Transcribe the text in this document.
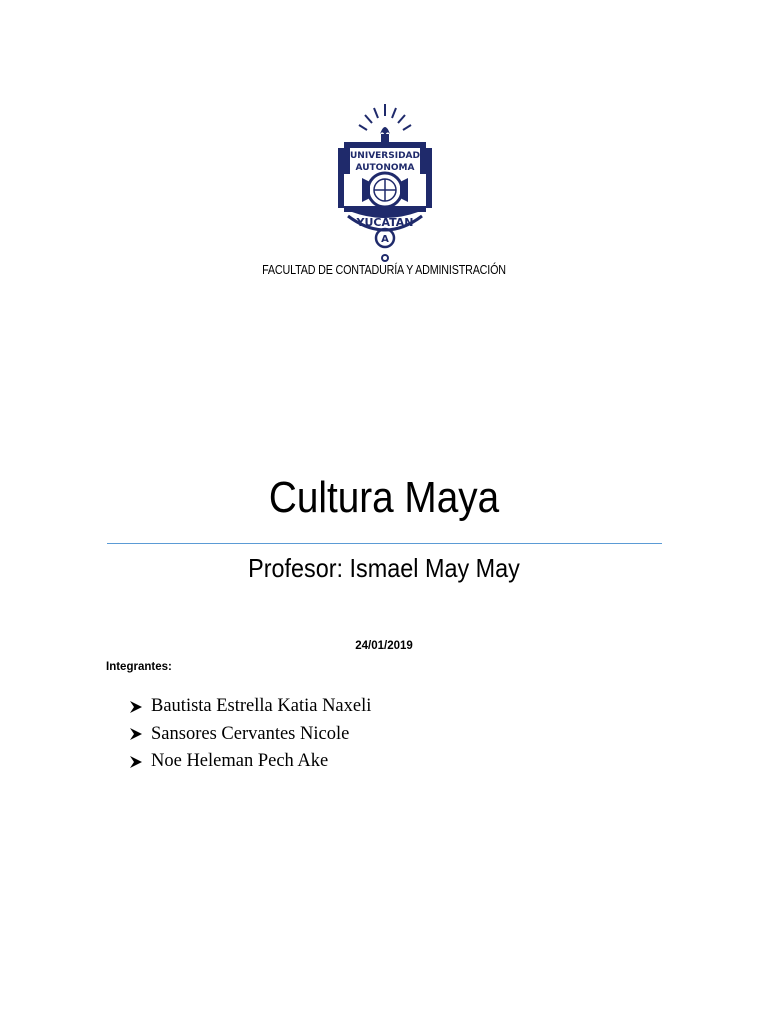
UNIVERSIDAD
AUTONOMA
YUCATAN
A
FACULTAD DE CONTADURÍA Y ADMINISTRACIÓN
Cultura Maya
Profesor: Ismael May May
24/01/2019
Integrantes:
Bautista Estrella Katia Naxeli
Sansores Cervantes Nicole
Noe Heleman Pech Ake
